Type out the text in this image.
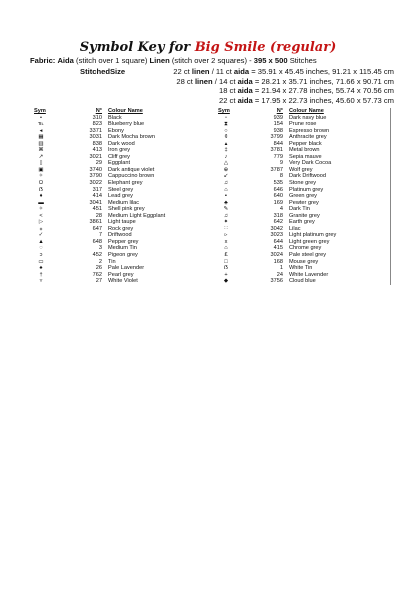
Symbol Key for Big Smile (regular)
Fabric: Aida (stitch over 1 square) Linen (stitch over 2 squares) - 395 x 500 Stitches
StitchedSize	22 ct linen / 11 ct aida = 35.91 x 45.45 inches, 91.21 x 115.45 cm
28 ct linen / 14 ct aida = 28.21 x 35.71 inches, 71.66 x 90.71 cm
18 ct aida = 21.94 x 27.78 inches, 55.74 x 70.56 cm
22 ct aida = 17.95 x 22.73 inches, 45.60 x 57.73 cm
Sym	N°	Colour Name
•	310	Black
℡	823	Blueberry blue
◂	3371	Ebony
▦	3031	Dark Mocha brown
▥	838	Dark wood
⌘	413	Iron grey
↗	3021	Cliff grey
▯	29	Eggplant
▣	3740	Dark antique violet
✧	3790	Cappuccino brown
Ω	3022	Elephant grey
ẞ	317	Steel grey
♦	414	Lead grey
▬	3041	Medium lilac
✧	451	Shell pink grey
<	28	Medium Light Eggplant
▷	3861	Light taupe
⁎	647	Rock grey
✓	7	Driftwood
▲	648	Pepper grey
◌	3	Medium Tin
ↄ	452	Pigeon grey
▭	2	Tin
♠	26	Pale Lavender
†	762	Pearl grey
▿	27	White Violet
Sym	N°	Colour Name
▫	939	Dark navy blue
⧗	154	Prune rose
○	938	Espresso brown
¢	3799	Anthracite grey
▴	844	Pepper black
‡	3781	Metal brown
♪	779	Sepia mauve
△	9	Very Dark Cocoa
⊕	3787	Wolf grey
↙	8	Dark Driftwood
♫	535	Stone grey
⌂	646	Platinum grey
▪	640	Green grey
♣	169	Pewter grey
✎	4	Dark Tin
♫	318	Granite grey
✦	642	Earth grey
∷	3042	Lilac
▹	3023	Light platinum grey
x	644	Light green grey
⌂	415	Chrome grey
₤	3024	Pale steel grey
□	168	Mouse grey
ẞ	1	White Tin
+	24	White Lavender
◆	3756	Cloud blue
